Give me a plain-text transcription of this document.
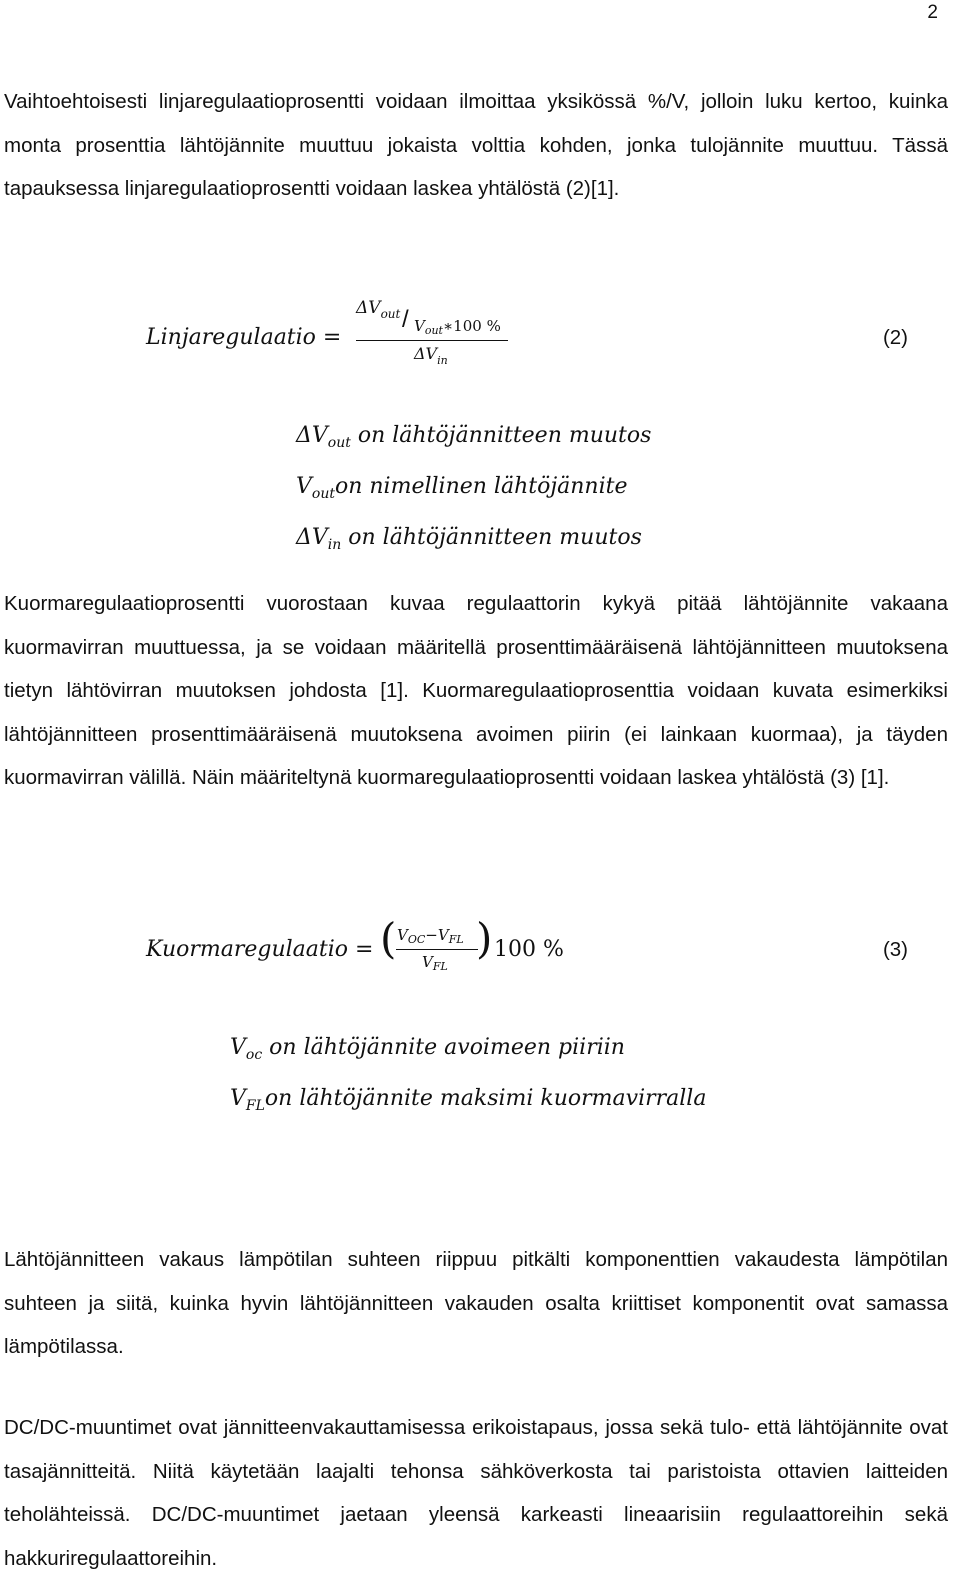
2

Vaihtoehtoisesti linjaregulaatioprosentti voidaan ilmoittaa yksikössä %/V, jolloin luku kertoo, kuinka monta prosenttia lähtöjännite muuttuu jokaista volttia kohden, jonka tulojännite muuttuu. Tässä tapauksessa linjaregulaatioprosentti voidaan laskea yhtälöstä (2)[1].

Linjaregulaatio =
$\Delta V_{out}$ / $V_{out}∗100$ %
$\Delta V_{in}$
(2)
$\Delta V_{out}$ on lähtöjännitteen muutos
$V_{out}on$ nimellinen lähtöjännite
$\Delta V_{in}$ on lähtöjännitteen muutos

Kuormaregulaatioprosentti vuorostaan kuvaa regulaattorin kykyä pitää lähtöjännite vakaana kuormavirran muuttuessa, ja se voidaan määritellä prosenttimääräisenä lähtöjännitteen muutoksena tietyn lähtövirran muutoksen johdosta [1]. Kuormaregulaatioprosenttia voidaan kuvata esimerkiksi lähtöjännitteen prosenttimääräisenä muutoksena avoimen piirin (ei lainkaan kuormaa), ja täyden kuormavirran välillä. Näin määriteltynä kuormaregulaatioprosentti voidaan laskea yhtälöstä (3) [1].

Kuormaregulaatio = ( $V_{OC}-V_{FL}$
$V_{FL}$
) 100 %	(3)
$V_{oc}$ on lähtöjännite avoimeen piiriin
$V_{FL}on$ lähtöjännite maksimi kuormavirralla

Lähtöjännitteen vakaus lämpötilan suhteen riippuu pitkälti komponenttien vakaudesta lämpötilan suhteen ja siitä, kuinka hyvin lähtöjännitteen vakauden osalta kriittiset komponentit ovat samassa lämpötilassa.

DC/DC-muuntimet ovat jännitteenvakauttamisessa erikoistapaus, jossa sekä tulo- että lähtöjännite ovat tasajännitteitä. Niitä käytetään laajalti tehonsa sähköverkosta tai paristoista ottavien laitteiden teholähteissä. DC/DC-muuntimet jaetaan yleensä karkeasti lineaarisiin regulaattoreihin sekä hakkuriregulaattoreihin.
